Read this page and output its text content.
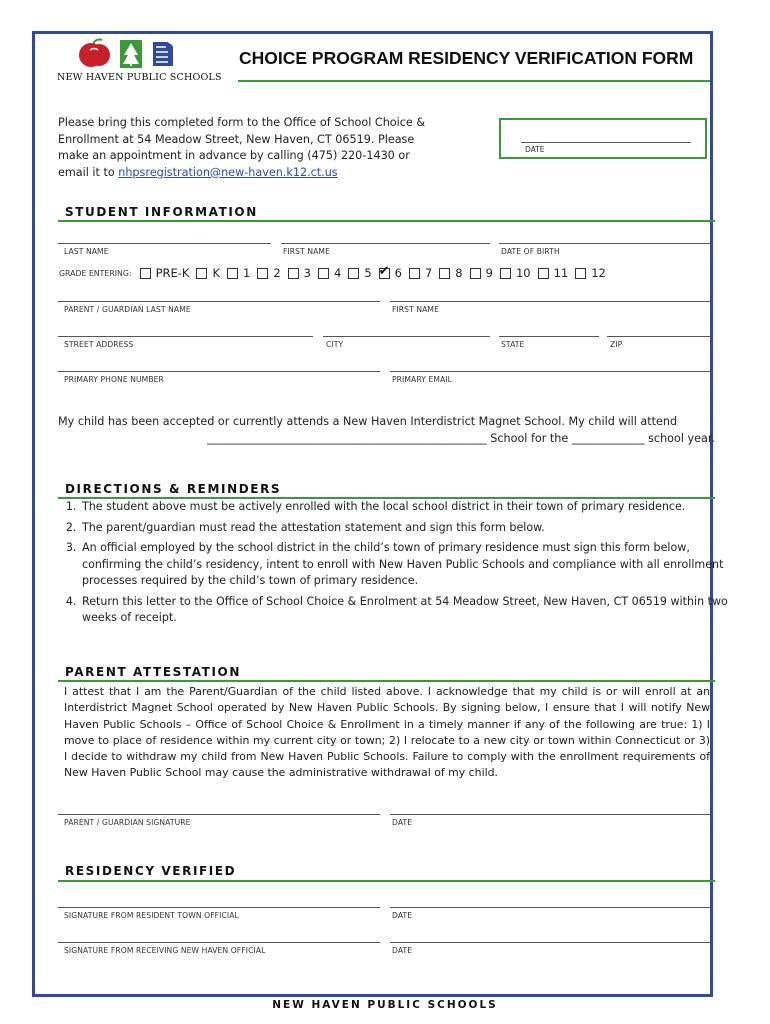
NEW HAVEN PUBLIC SCHOOLS
CHOICE PROGRAM RESIDENCY VERIFICATION FORM
Please bring this completed form to the Office of School Choice & Enrollment at 54 Meadow Street, New Haven, CT 06519. Please make an appointment in advance by calling (475) 220-1430 or email it to nhpsregistration@new-haven.k12.ct.us
DATE
STUDENT INFORMATION
LAST NAME	FIRST NAME	DATE OF BIRTH
GRADE ENTERING: PRE-K K 1 2 3 4 5 ✔ 6 7 8 9 10 11 12
PARENT / GUARDIAN LAST NAME	FIRST NAME
STREET ADDRESS	CITY	STATE	ZIP
PRIMARY PHONE NUMBER	PRIMARY EMAIL
My child has been accepted or currently attends a New Haven Interdistrict Magnet School. My child will attend
__________________________________________________ School for the _____________ school year.
DIRECTIONS & REMINDERS
1. The student above must be actively enrolled with the local school district in their town of primary residence.
2. The parent/guardian must read the attestation statement and sign this form below.
3. An official employed by the school district in the child’s town of primary residence must sign this form below, confirming the child’s residency, intent to enroll with New Haven Public Schools and compliance with all enrollment processes required by the child’s town of primary residence.
4. Return this letter to the Office of School Choice & Enrolment at 54 Meadow Street, New Haven, CT 06519 within two weeks of receipt.
PARENT ATTESTATION
I attest that I am the Parent/Guardian of the child listed above. I acknowledge that my child is or will enroll at an Interdistrict Magnet School operated by New Haven Public Schools. By signing below, I ensure that I will notify New Haven Public Schools – Office of School Choice & Enrollment in a timely manner if any of the following are true: 1) I move to place of residence within my current city or town; 2) I relocate to a new city or town within Connecticut or 3) I decide to withdraw my child from New Haven Public Schools. Failure to comply with the enrollment requirements of New Haven Public School may cause the administrative withdrawal of my child.
PARENT / GUARDIAN SIGNATURE	DATE
RESIDENCY VERIFIED
SIGNATURE FROM RESIDENT TOWN OFFICIAL	DATE
SIGNATURE FROM RECEIVING NEW HAVEN OFFICIAL	DATE
NEW HAVEN PUBLIC SCHOOLS
